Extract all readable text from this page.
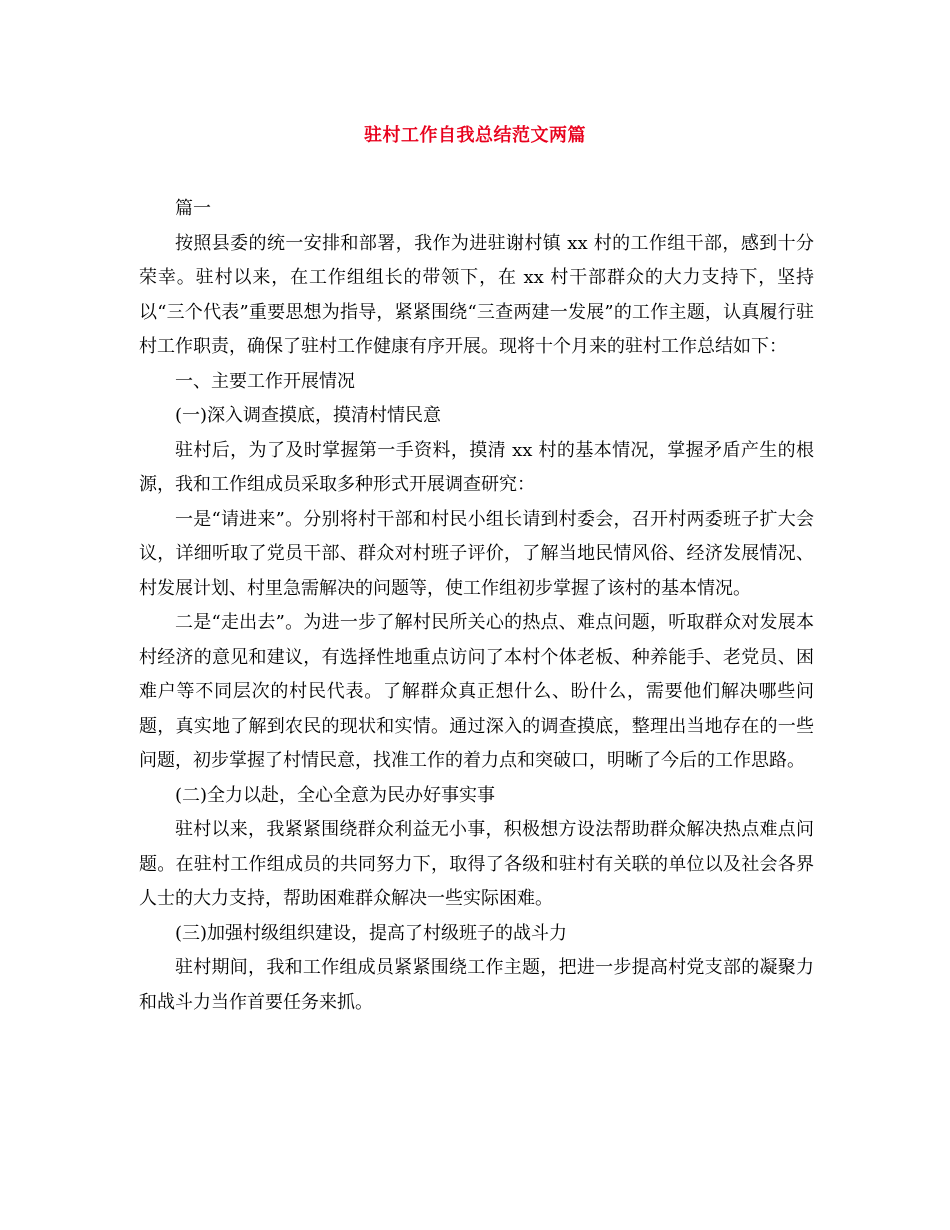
驻村工作自我总结范文两篇

篇一

按照县委的统一安排和部署，我作为进驻谢村镇 xx 村的工作组干部，感到十分荣幸。驻村以来，在工作组组长的带领下，在 xx 村干部群众的大力支持下，坚持以“三个代表”重要思想为指导，紧紧围绕“三查两建一发展”的工作主题，认真履行驻村工作职责，确保了驻村工作健康有序开展。现将十个月来的驻村工作总结如下：

一、主要工作开展情况

(一)深入调查摸底，摸清村情民意

驻村后，为了及时掌握第一手资料，摸清 xx 村的基本情况，掌握矛盾产生的根源，我和工作组成员采取多种形式开展调查研究：

一是“请进来”。分别将村干部和村民小组长请到村委会，召开村两委班子扩大会议，详细听取了党员干部、群众对村班子评价，了解当地民情风俗、经济发展情况、村发展计划、村里急需解决的问题等，使工作组初步掌握了该村的基本情况。

二是“走出去”。为进一步了解村民所关心的热点、难点问题，听取群众对发展本村经济的意见和建议，有选择性地重点访问了本村个体老板、种养能手、老党员、困难户等不同层次的村民代表。了解群众真正想什么、盼什么，需要他们解决哪些问题，真实地了解到农民的现状和实情。通过深入的调查摸底，整理出当地存在的一些问题，初步掌握了村情民意，找准工作的着力点和突破口，明晰了今后的工作思路。

(二)全力以赴，全心全意为民办好事实事

驻村以来，我紧紧围绕群众利益无小事，积极想方设法帮助群众解决热点难点问题。在驻村工作组成员的共同努力下，取得了各级和驻村有关联的单位以及社会各界人士的大力支持，帮助困难群众解决一些实际困难。

(三)加强村级组织建设，提高了村级班子的战斗力

驻村期间，我和工作组成员紧紧围绕工作主题，把进一步提高村党支部的凝聚力和战斗力当作首要任务来抓。
